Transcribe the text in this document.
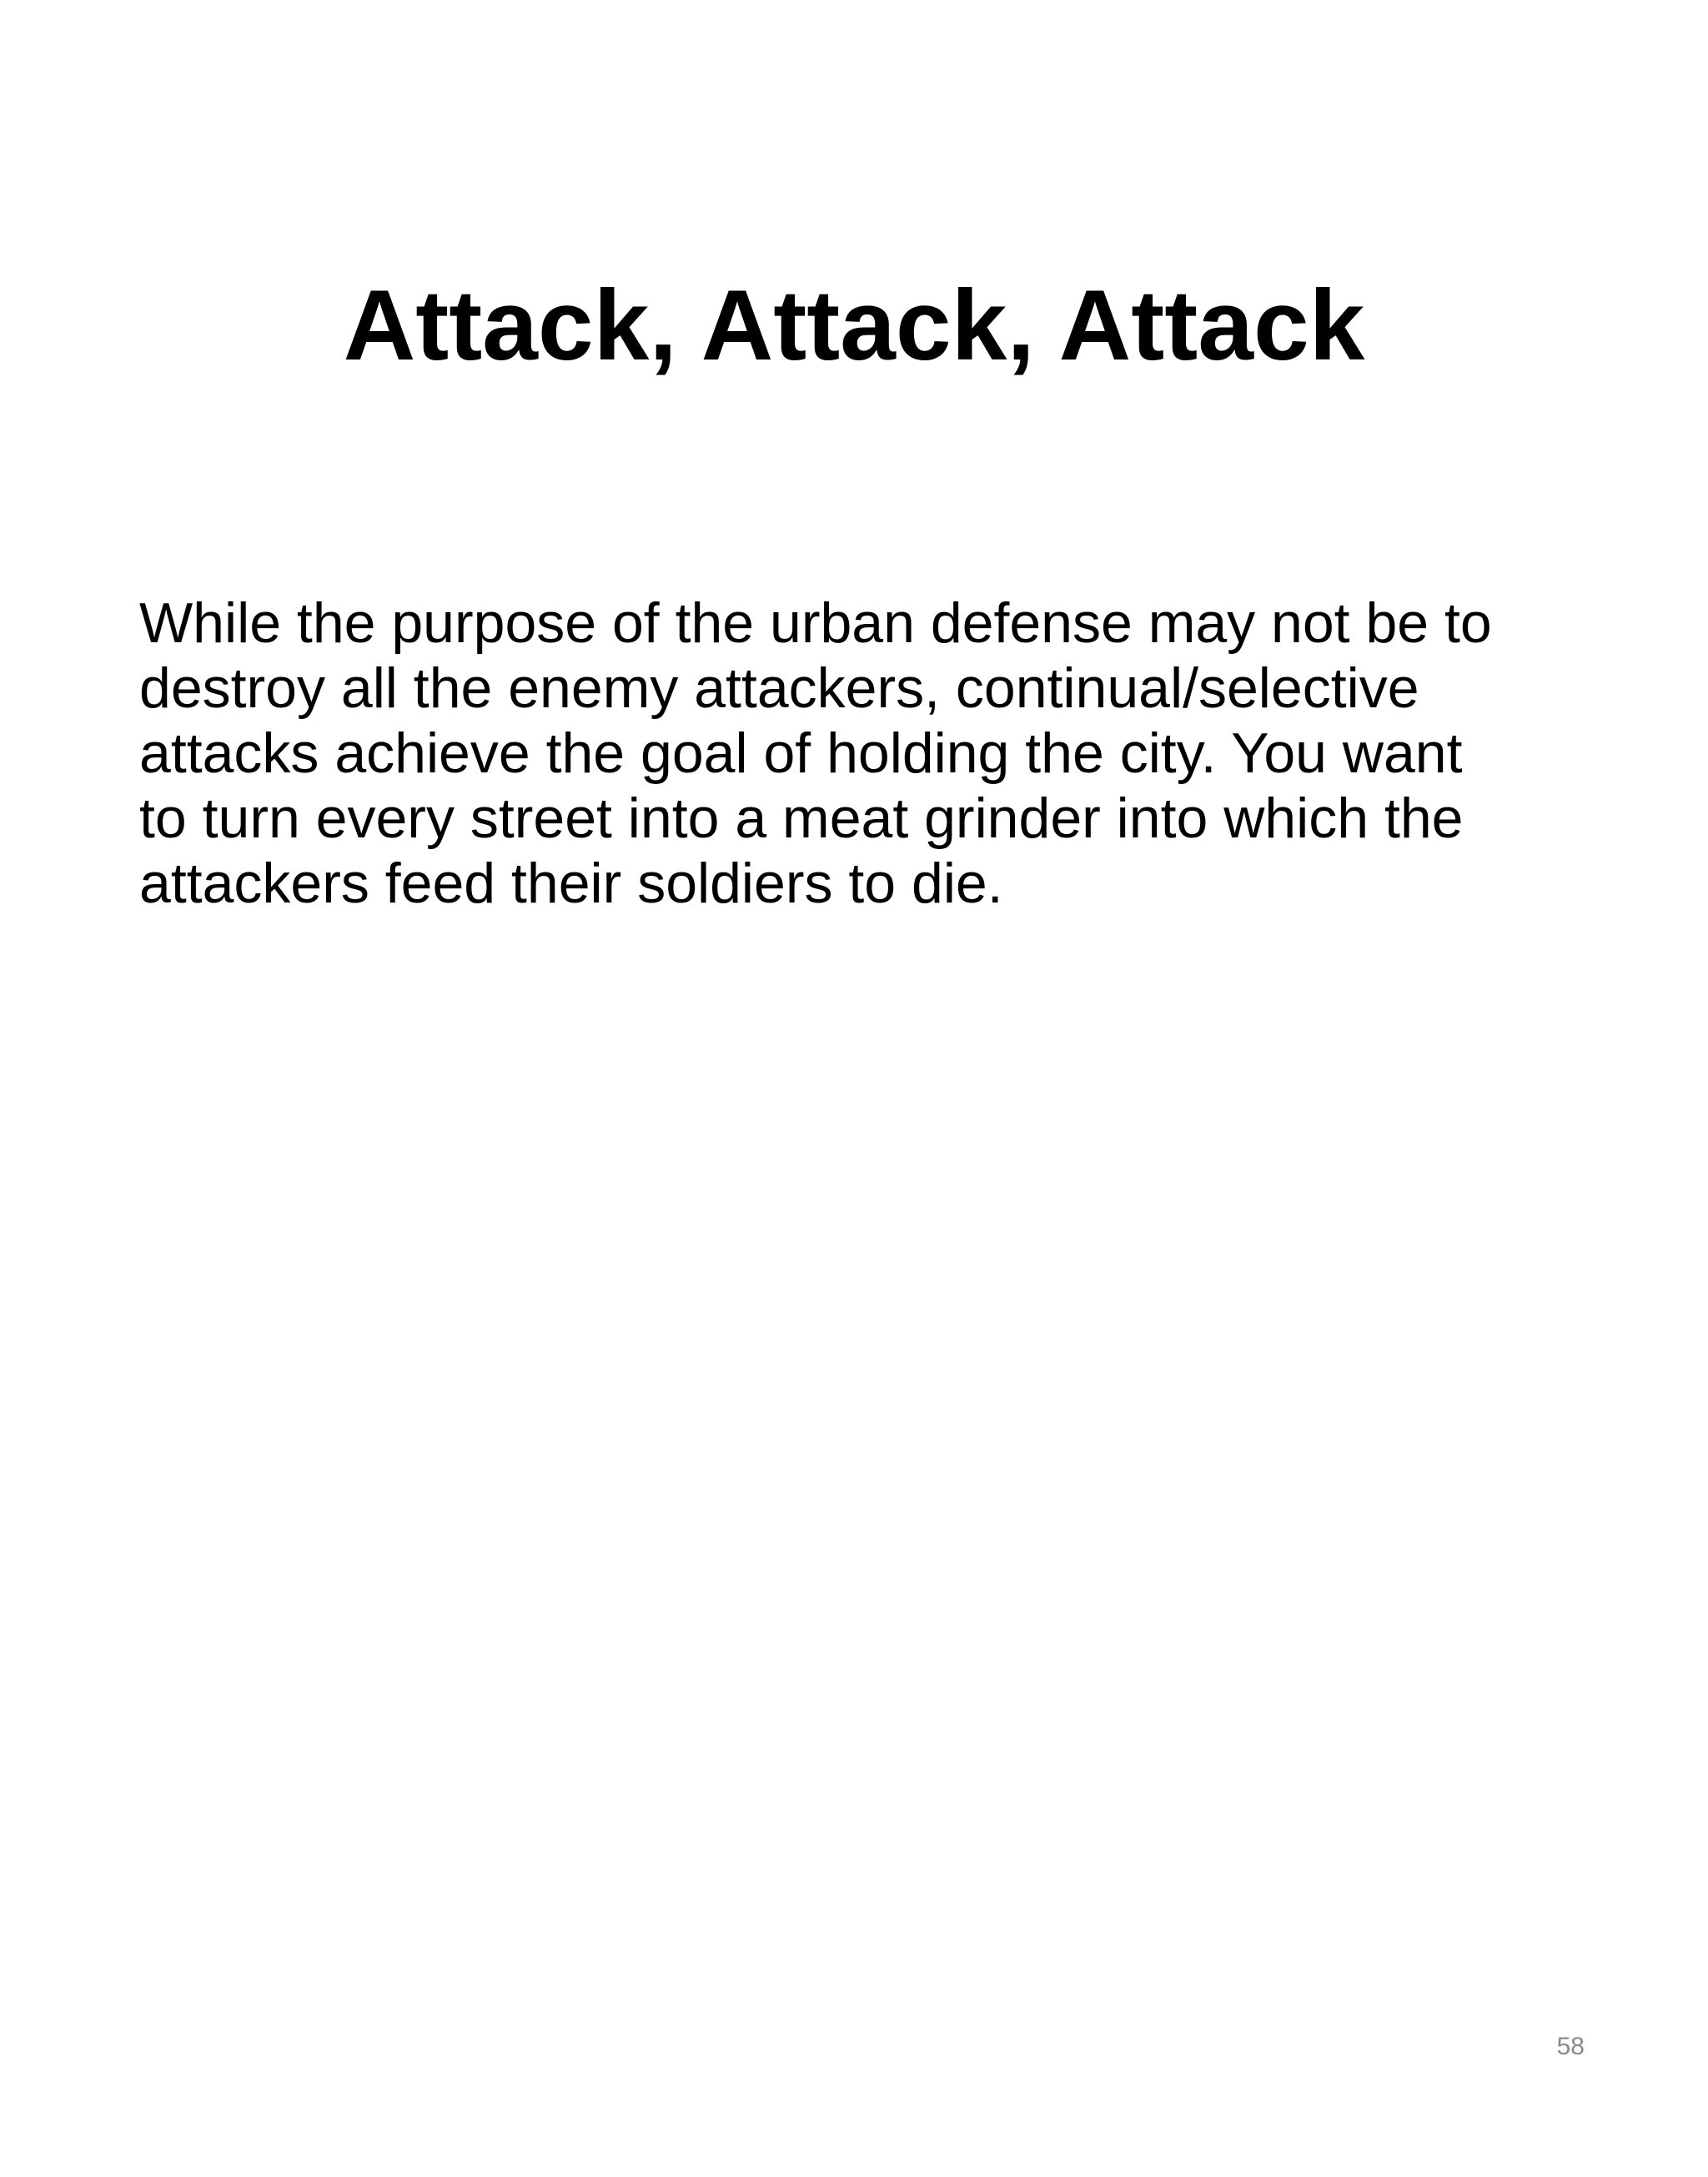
Attack, Attack, Attack

While the purpose of the urban defense may not be to
destroy all the enemy attackers, continual/selective
attacks achieve the goal of holding the city. You want
to turn every street into a meat grinder into which the
attackers feed their soldiers to die.

58
